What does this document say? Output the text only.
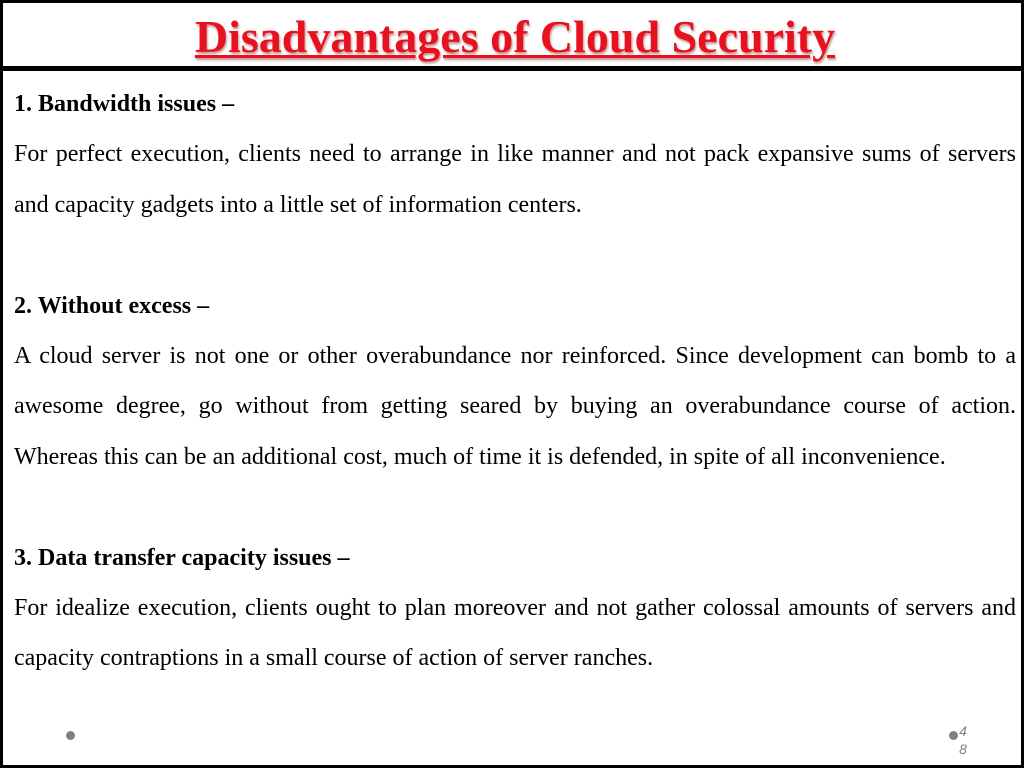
Disadvantages of Cloud Security

1. Bandwidth issues –

For perfect execution, clients need to arrange in like manner and not pack expansive sums of servers and capacity gadgets into a little set of information centers.

2. Without excess –

A cloud server is not one or other overabundance nor reinforced. Since development can bomb to a awesome degree, go without from getting seared by buying an overabundance course of action. Whereas this can be an additional cost, much of time it is defended, in spite of all inconvenience.

3. Data transfer capacity issues –

For idealize execution, clients ought to plan moreover and not gather colossal amounts of servers and capacity contraptions in a small course of action of server ranches.

4
8
